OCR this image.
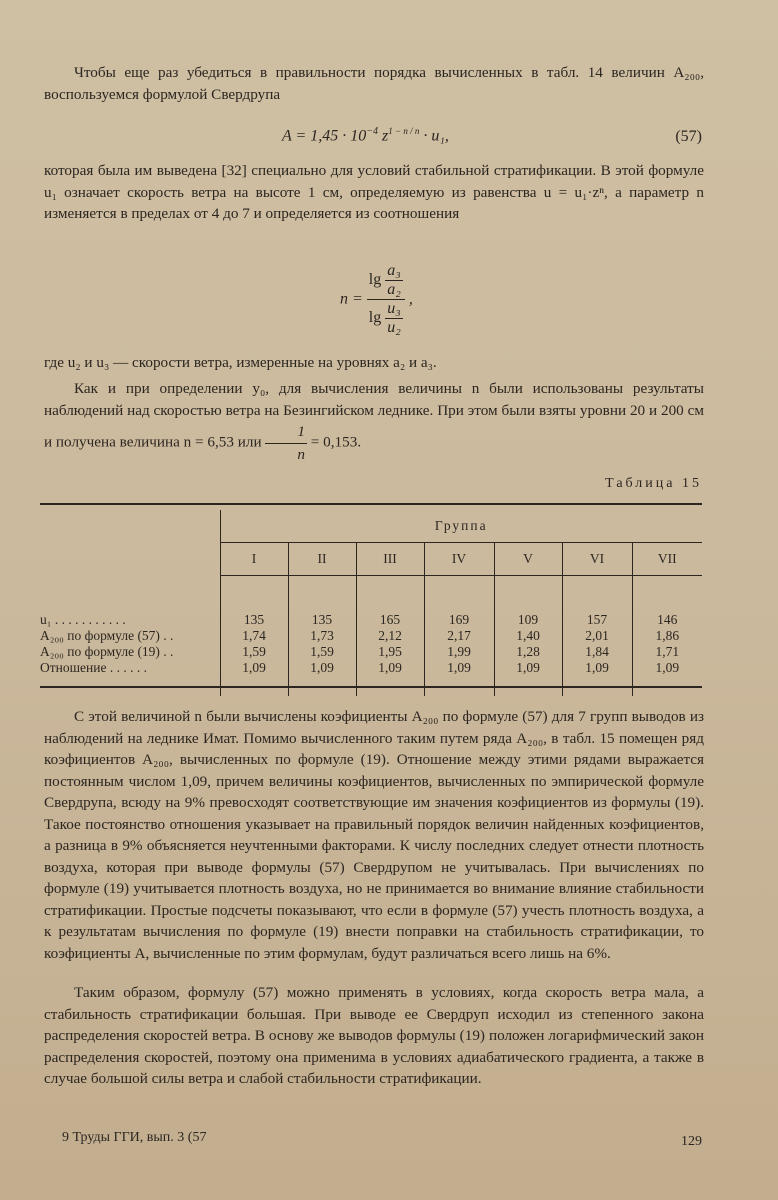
Чтобы еще раз убедиться в правильности порядка вычисленных в табл. 14 величин A₂₀₀, воспользуемся формулой Свердрупа
$A = 1,45 \cdot 10^{-4}$ $z^{1 - n / n} \cdot u_1$,	(57)
которая была им выведена [32] специально для условий стабильной стратификации. В этой формуле u₁ означает скорость ветра на высоте 1 см, определяемую из равенства u = u₁·zⁿ, а параметр n изменяется в пределах от 4 до 7 и определяется из соотношения
$n = \frac{\lg \frac{\text{a₃}}{\text{a₂}}}{\lg \frac{\text{u₃}}{\text{u₂}}}$ ,
где u₂ и u₃ — скорости ветра, измеренные на уровнях a₂ и a₃.
Как и при определении y₀, для вычисления величины n были использованы результаты наблюдений над скоростью ветра на Безингийском леднике. При этом были взяты уровни 20 и 200 см и получена величина n = 6,53 или $\frac{1}{n} = 0,153$.
Таблица 15
	Группа						
	I	II	III	IV	V	VI	VII

u₁ . . . . . . . . . . .	135	135	165	169	109	157	146
A₂₀₀ по формуле (57) . .	1,74	1,73	2,12	2,17	1,40	2,01	1,86
A₂₀₀ по формуле (19) . .	1,59	1,59	1,95	1,99	1,28	1,84	1,71
Отношение . . . . . .	1,09	1,09	1,09	1,09	1,09	1,09	1,09

С этой величиной n были вычислены коэфициенты A₂₀₀ по формуле (57) для 7 групп выводов из наблюдений на леднике Имат. Помимо вычисленного таким путем ряда A₂₀₀, в табл. 15 помещен ряд коэфициентов A₂₀₀, вычисленных по формуле (19). Отношение между этими рядами выражается постоянным числом 1,09, причем величины коэфициентов, вычисленных по эмпирической формуле Свердрупа, всюду на 9% превосходят соответствующие им значения коэфициентов из формулы (19). Такое постоянство отношения указывает на правильный порядок величин найденных коэфициентов, а разница в 9% объясняется неучтенными факторами. К числу последних следует отнести плотность воздуха, которая при выводе формулы (57) Свердрупом не учитывалась. При вычислениях по формуле (19) учитывается плотность воздуха, но не принимается во внимание влияние стабильности стратификации. Простые подсчеты показывают, что если в формуле (57) учесть плотность воздуха, а к результатам вычисления по формуле (19) внести поправки на стабильность стратификации, то коэфициенты A, вычисленные по этим формулам, будут различаться всего лишь на 6%.
Таким образом, формулу (57) можно применять в условиях, когда скорость ветра мала, а стабильность стратификации большая. При выводе ее Свердруп исходил из степенного закона распределения скоростей ветра. В основу же выводов формулы (19) положен логарифмический закон распределения скоростей, поэтому она применима в условиях адиабатического градиента, а также в случае большой силы ветра и слабой стабильности стратификации.
9 Труды ГГИ, вып. 3 (57	129
